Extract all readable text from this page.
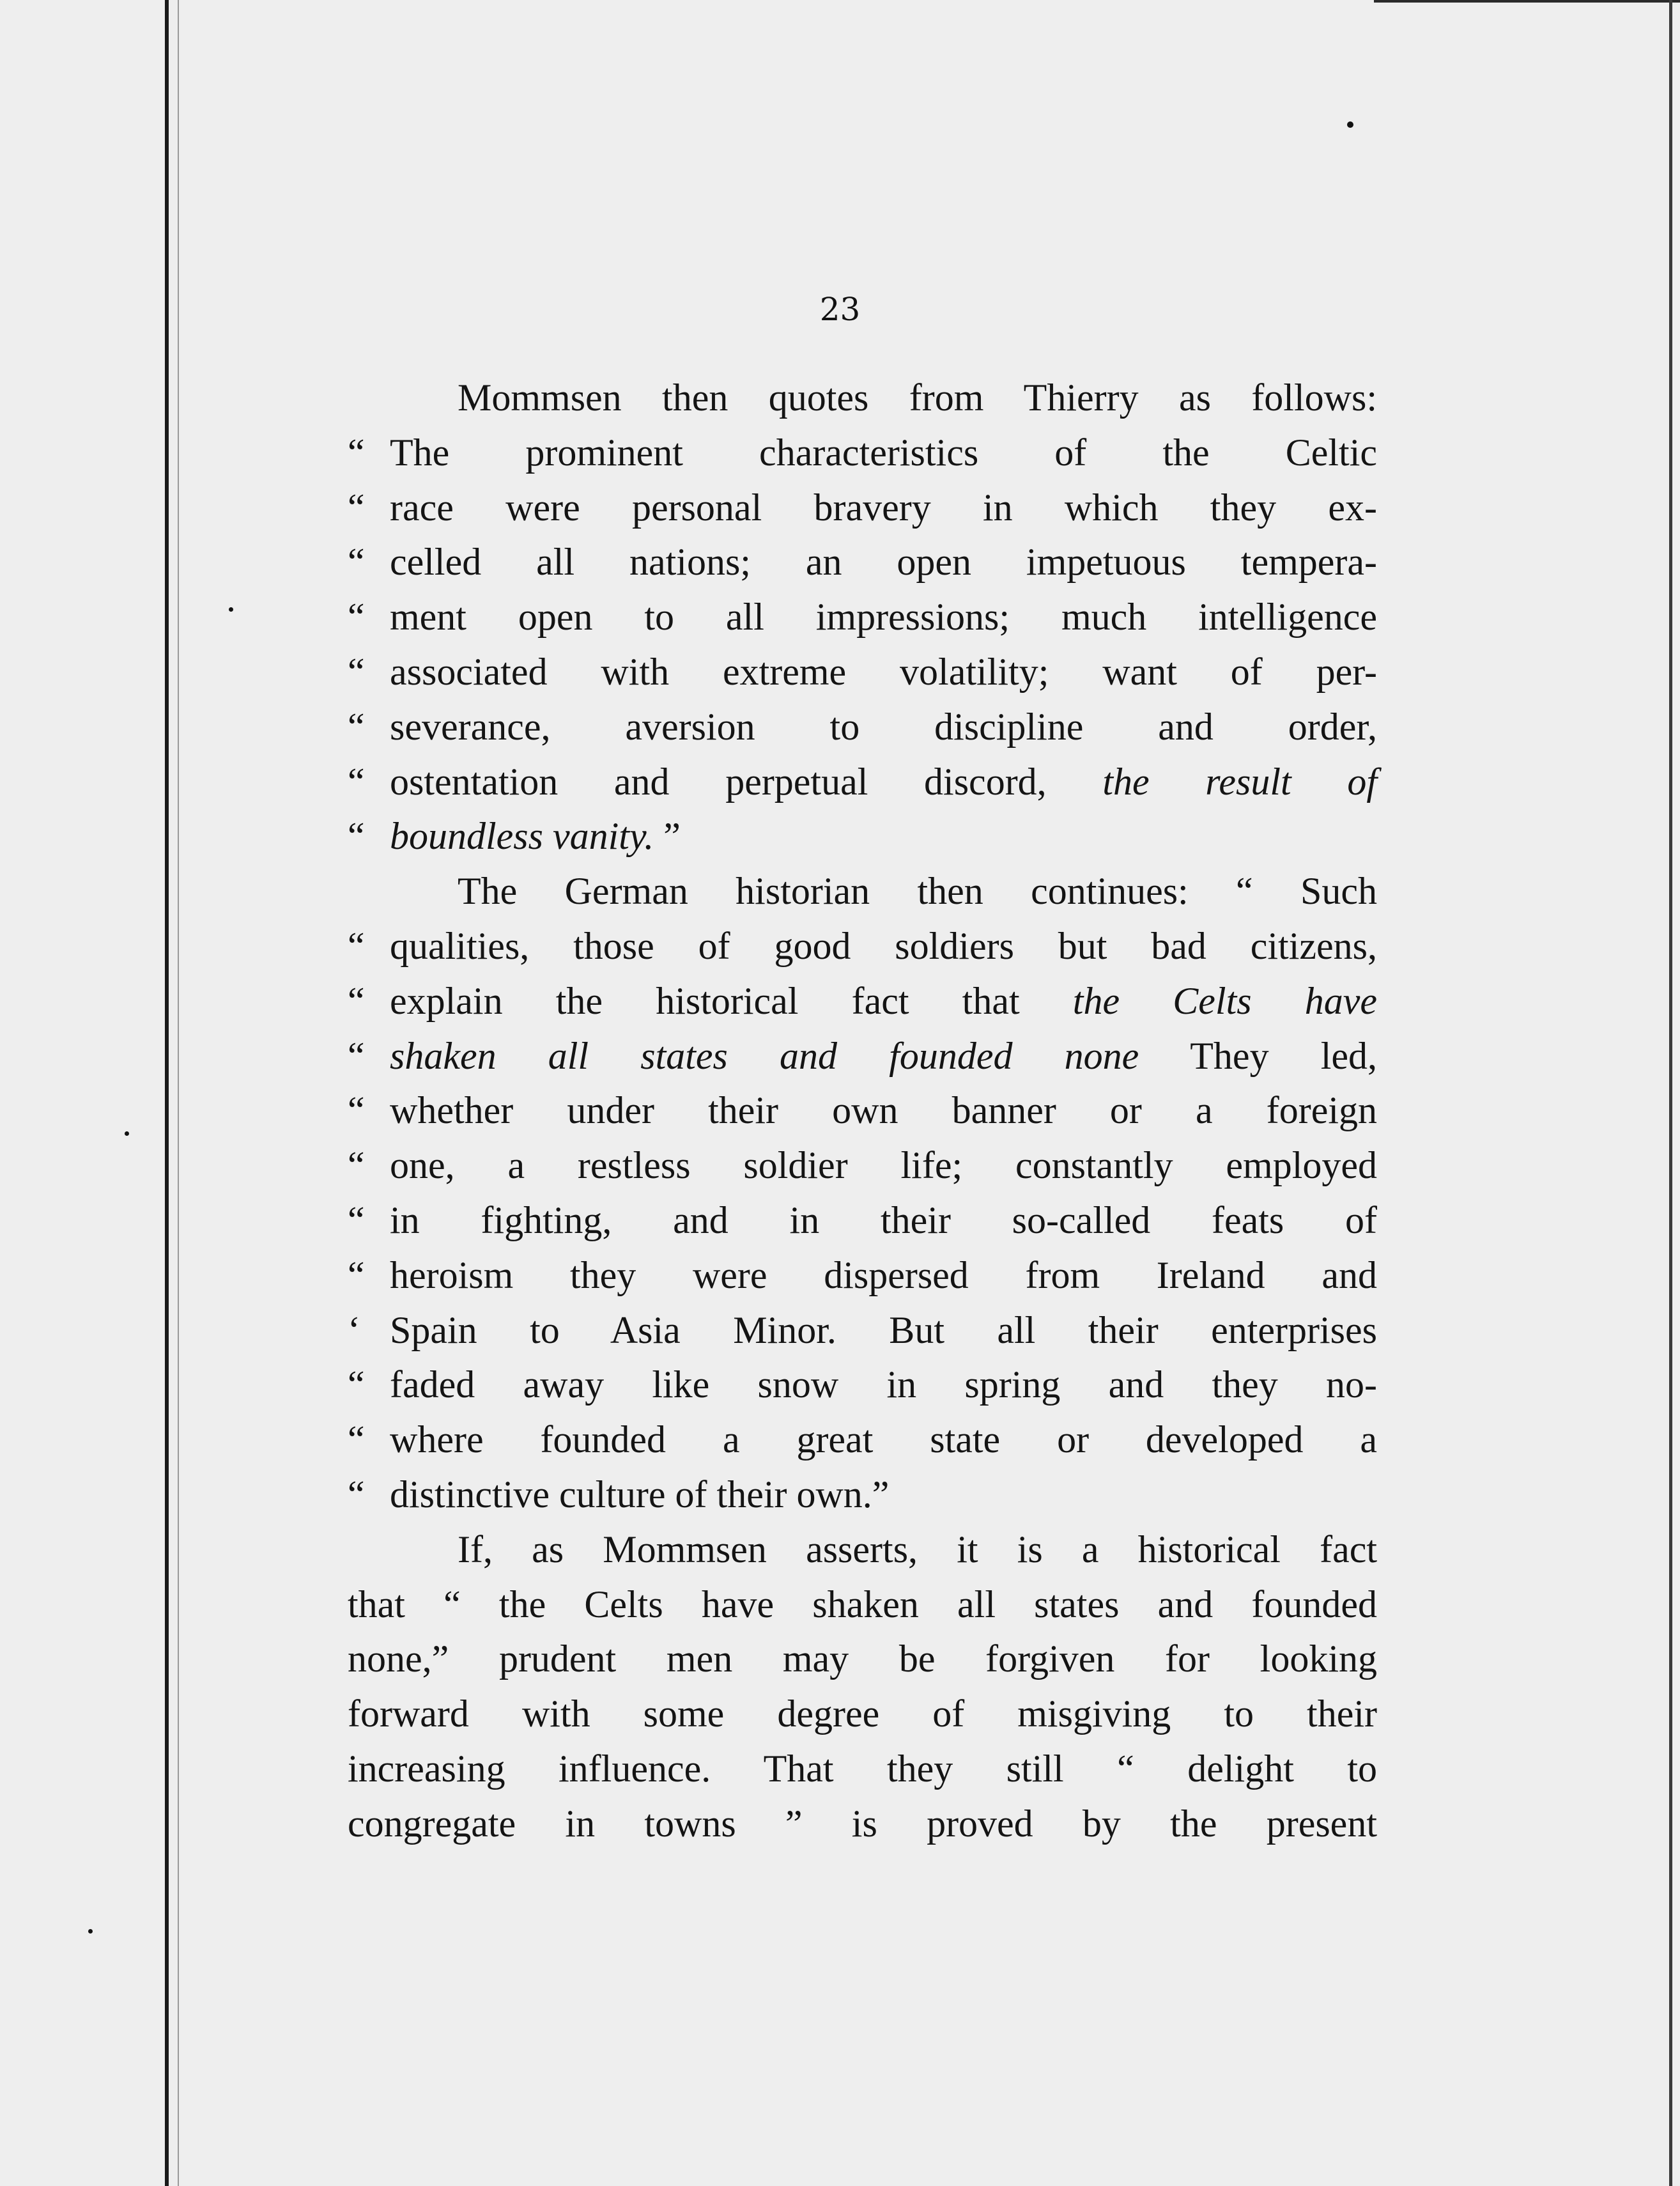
23
Mommsen then quotes from Thierry as follows:
“ The prominent characteristics of the Celtic
“ race were personal bravery in which they ex-
“ celled all nations; an open impetuous tempera-
“ ment open to all impressions; much intelligence
“ associated with extreme volatility; want of per-
“ severance, aversion to discipline and order,
“ ostentation and perpetual discord, the result of
“ boundless vanity. ”
The German historian then continues: “ Such
“ qualities, those of good soldiers but bad citizens,
“ explain the historical fact that the Celts have
“ shaken all states and founded none They led,
“ whether under their own banner or a foreign
“ one, a restless soldier life; constantly employed
“ in fighting, and in their so-called feats of
“ heroism they were dispersed from Ireland and
‘ Spain to Asia Minor. But all their enterprises
“ faded away like snow in spring and they no-
“ where founded a great state or developed a
“ distinctive culture of their own.”
If, as Mommsen asserts, it is a historical fact
that “ the Celts have shaken all states and founded
none,” prudent men may be forgiven for looking
forward with some degree of misgiving to their
increasing influence. That they still “ delight to
congregate in towns ” is proved by the present
